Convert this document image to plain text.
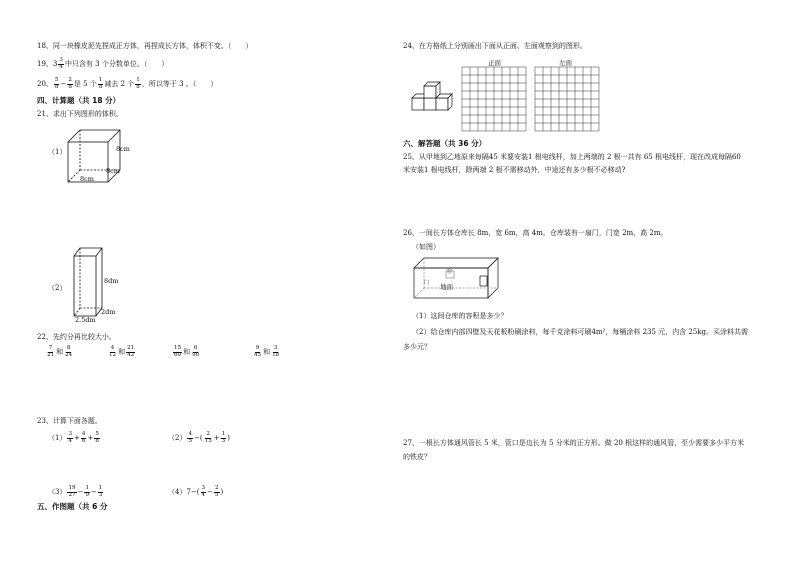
18、同一块橡皮泥先捏成正方体，再捏成长方体，体积不变。（　　）
19、$3 \frac{3}{4}$ 中只含有 3 个分数单位。（　　）
20、 $\frac{5}{8} - \frac{2}{8}$ 是 5 个 $\frac{1}{8}$ 减去 2 个 $\frac{1}{8}$ ，所以等于 3 。（　　）
四、计算题（共 18 分）
21、求出下列图形的体积。
（1）	8cm
8cm
8cm
（2）
8dm
2dm
2.5dm
22、先约分再比较大小。
$\frac{7}{21}$ 和 $\frac{8}{24}$	$\frac{4}{12}$ 和 $\frac{21}{42}$	$\frac{15}{60}$ 和 $\frac{6}{90}$	$\frac{9}{45}$ 和 $\frac{3}{18}$
23、计算下面各题。
$(1) \frac{3}{4} + \frac{4}{6} + \frac{5}{8}$	$(2) \frac{4}{5}$ −( $\frac{2}{15} + \frac{1}{3}$ )
$(3) \frac{19}{27} - \frac{1}{9} - \frac{1}{3}$	$(4)7-( \frac{3}{4} - \frac{2}{5}$ )
五、作图题（共 6 分
24、在方格纸上分别画出下面从正面、左面观察到的图形。
正面	左面
六、解答题（共 36 分）
25、从甲地到乙地原来每隔45 米要安装1 根电线杆，加上两端的 2 根一共有 65 根电线杆，现在改成每隔60
米安装1 根电线杆，除两端 2 根不需移动外，中途还有多少根不必移动?
26、一间长方体仓库长 8m，宽 6m，高 4m。仓库装有一扇门，门宽 2m，高 2m。
（如图）
地面
门
窗
（1）这间仓库的容积是多少？
（2）给仓库内部四壁及天花板粉刷涂料，每千克涂料可刷4m²，每桶涂料 235 元，内含 25kg。买涂料共需
多少元？
27、一根长方体通风管长 5 米，管口是边长为 5 分米的正方形。做 20 根这样的通风管，至少需要多少平方米
的铁皮？
